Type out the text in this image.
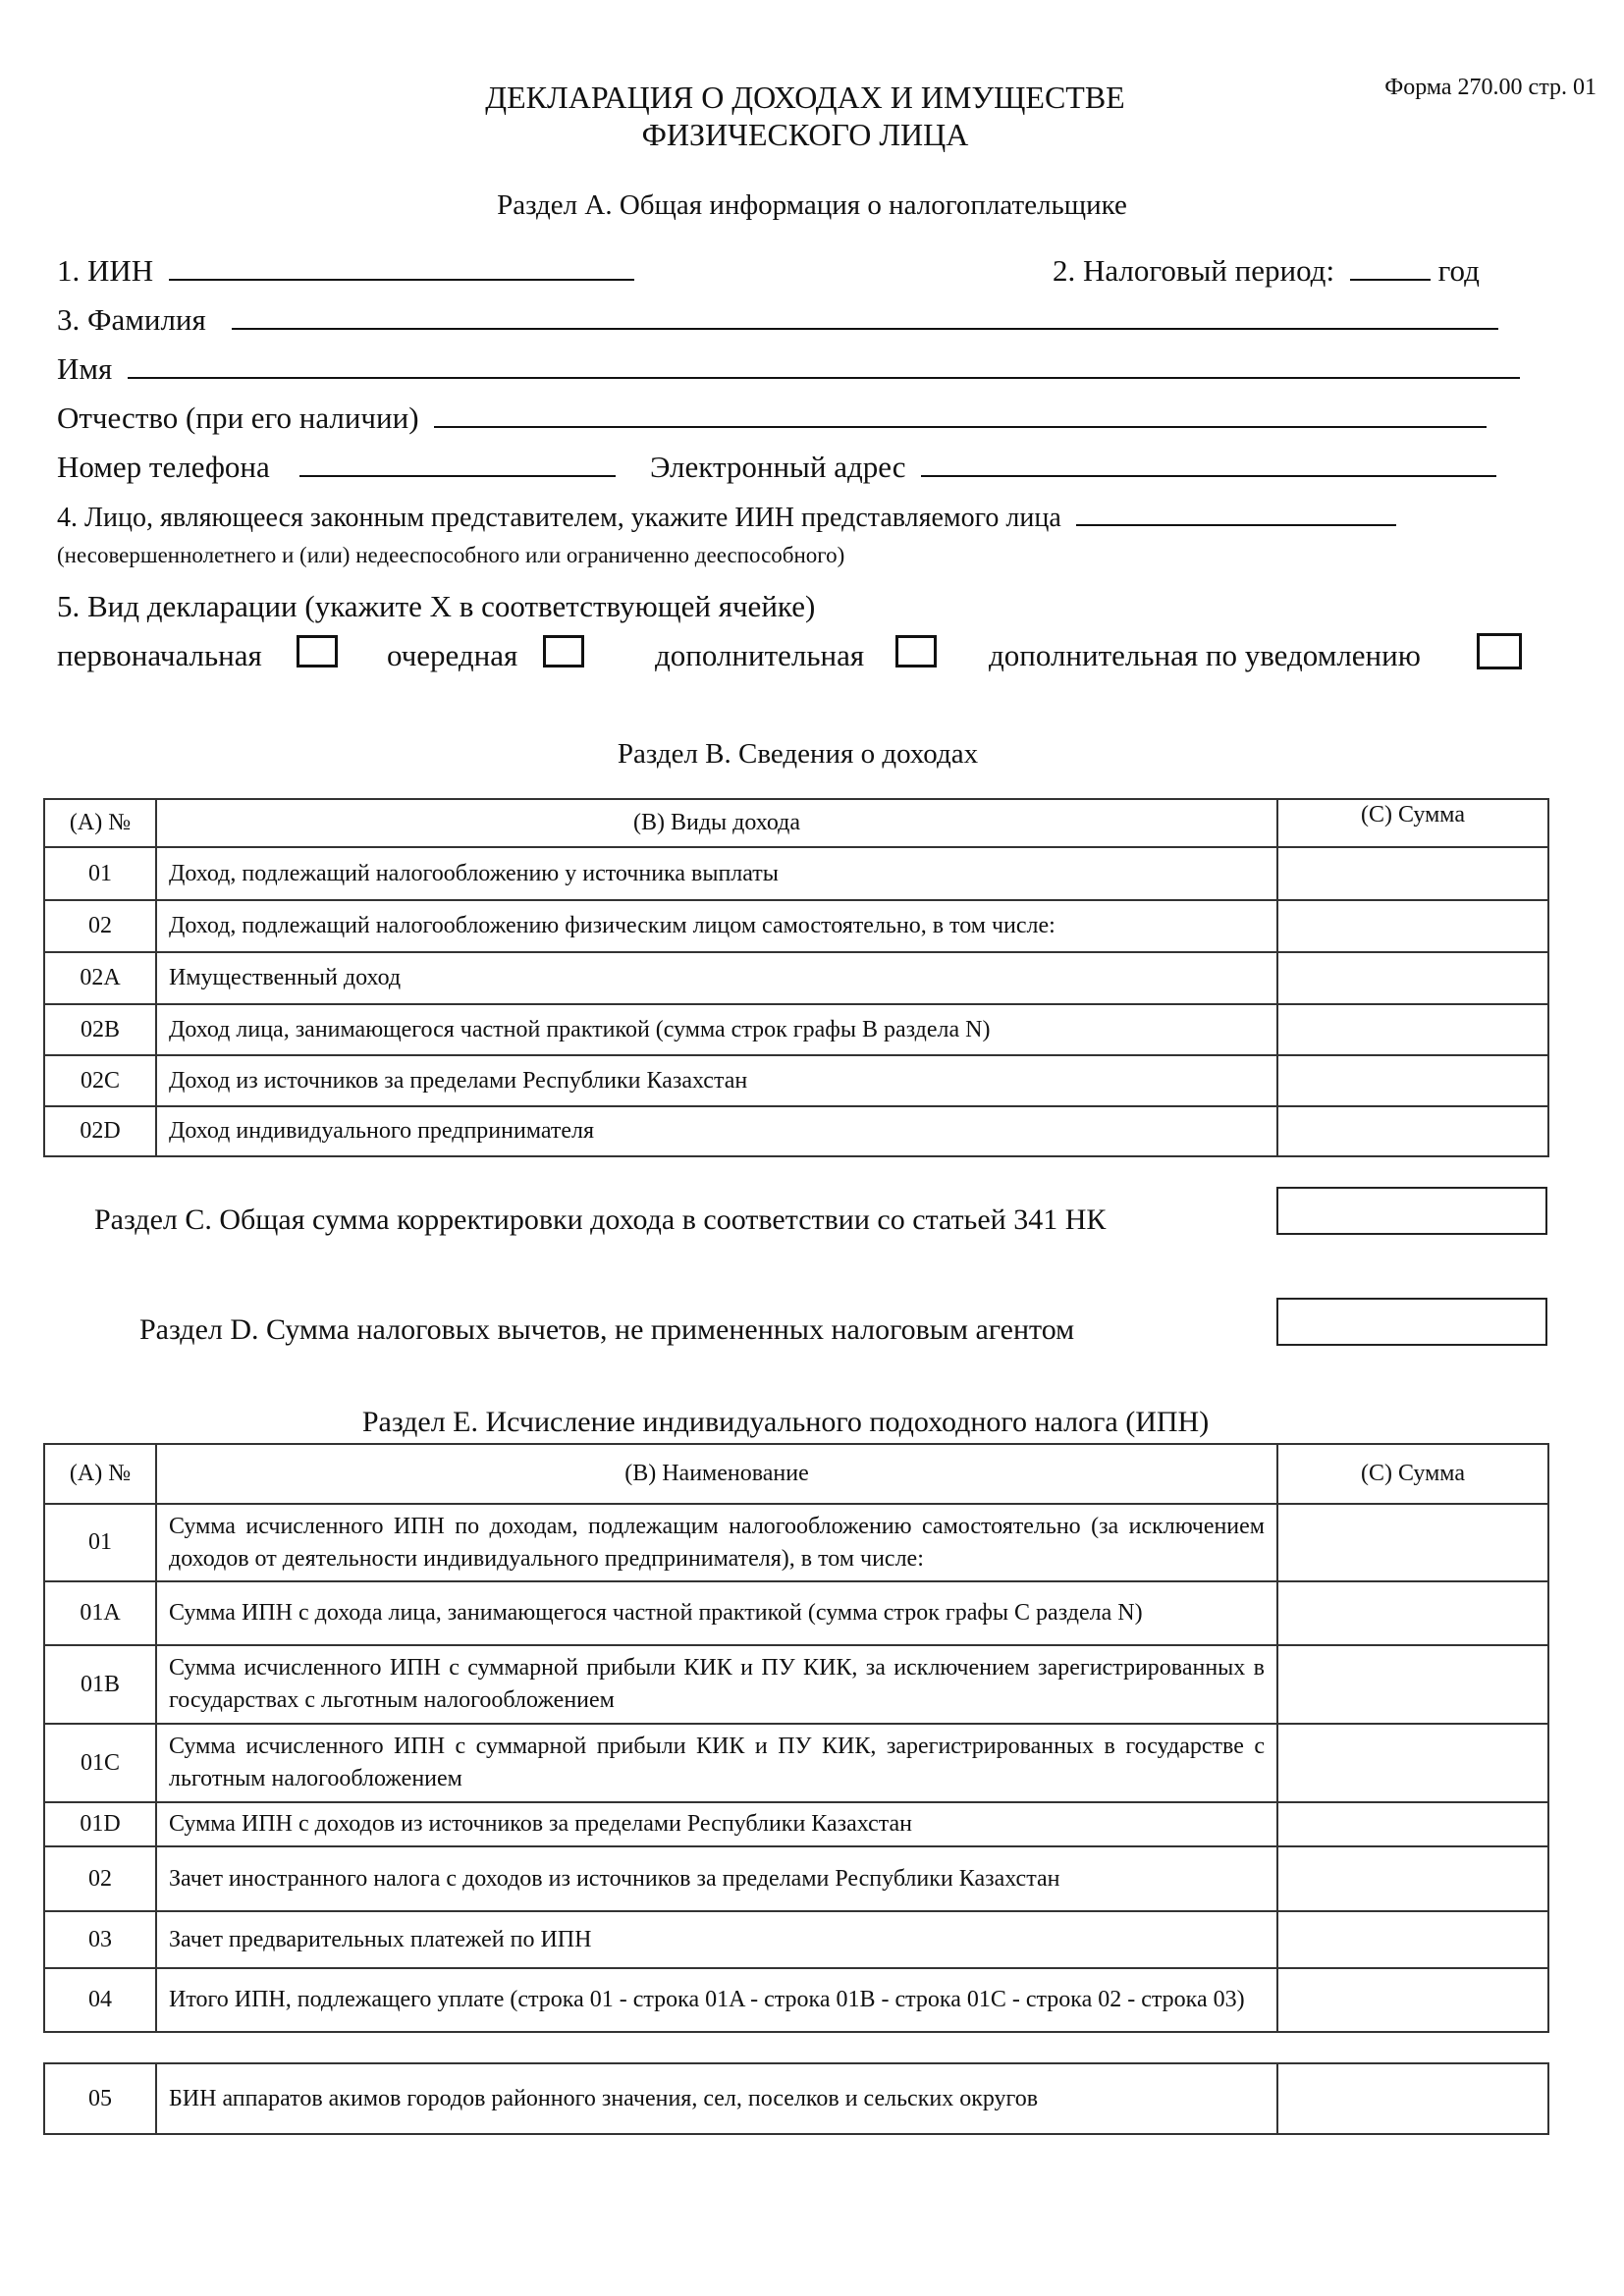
ДЕКЛАРАЦИЯ О ДОХОДАХ И ИМУЩЕСТВЕ
ФИЗИЧЕСКОГО ЛИЦА
Форма 270.00 стр. 01
Раздел А. Общая информация о налогоплательщике
1. ИИН	2. Налоговый период:	год
3. Фамилия
Имя
Отчество (при его наличии)
Номер телефона	Электронный адрес
4. Лицо, являющееся законным представителем, укажите ИИН представляемого лица
(несовершеннолетнего и (или) недееспособного или ограниченно дееспособного)
5. Вид декларации (укажите X в соответствующей ячейке)
первоначальная	очередная	дополнительная	дополнительная по уведомлению
Раздел В. Сведения о доходах
(А) №	(В) Виды дохода	(С) Сумма
01	Доход, подлежащий налогообложению у источника выплаты	
02	Доход, подлежащий налогообложению физическим лицом самостоятельно, в том числе:	
02A	Имущественный доход	
02B	Доход лица, занимающегося частной практикой (сумма строк графы B раздела N)	
02C	Доход из источников за пределами Республики Казахстан	
02D	Доход индивидуального предпринимателя	
Раздел С. Общая сумма корректировки дохода в соответствии со статьей 341 НК
Раздел D. Сумма налоговых вычетов, не примененных налоговым агентом
Раздел Е. Исчисление индивидуального подоходного налога (ИПН)
(А) №	(В) Наименование	(С) Сумма
01	Сумма исчисленного ИПН по доходам, подлежащим налогообложению самостоятельно (за исключением доходов от деятельности индивидуального предпринимателя), в том числе:	
01A	Сумма ИПН с дохода лица, занимающегося частной практикой (сумма строк графы С раздела N)	
01B	Сумма исчисленного ИПН с суммарной прибыли КИК и ПУ КИК, за исключением зарегистрированных в государствах с льготным налогообложением	
01C	Сумма исчисленного ИПН с суммарной прибыли КИК и ПУ КИК, зарегистрированных в государстве с льготным налогообложением	
01D	Сумма ИПН с доходов из источников за пределами Республики Казахстан	
02	Зачет иностранного налога с доходов из источников за пределами Республики Казахстан	
03	Зачет предварительных платежей по ИПН	
04	Итого ИПН, подлежащего уплате (строка 01 - строка 01A - строка 01B - строка 01C - строка 02 - строка 03)	
05	БИН аппаратов акимов городов районного значения, сел, поселков и сельских округов	
